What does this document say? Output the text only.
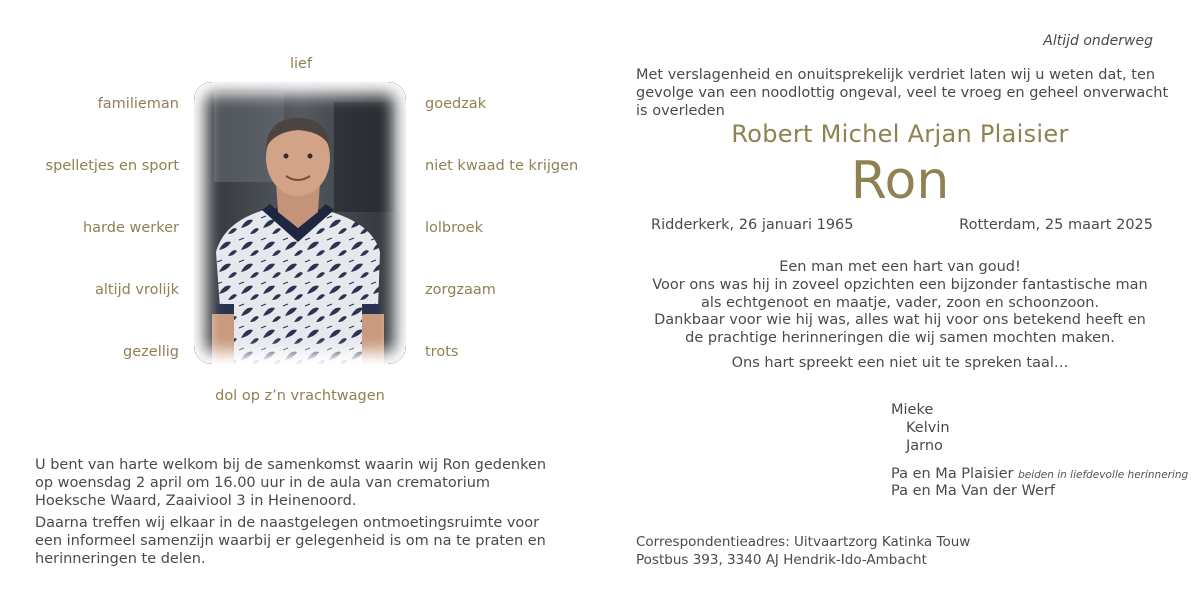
lief
familieman
spelletjes en sport
harde werker
altijd vrolijk
gezellig
goedzak
niet kwaad te krijgen
lolbroek
zorgzaam
trots
dol op z’n vrachtwagen
U bent van harte welkom bij de samenkomst waarin wij Ron gedenken op woensdag 2 april om 16.00 uur in de aula van crematorium Hoeksche Waard, Zaaiviool 3 in Heinenoord.
Daarna treffen wij elkaar in de naastgelegen ontmoetingsruimte voor een informeel samenzijn waarbij er gelegenheid is om na te praten en herinneringen te delen.
Altijd onderweg
Met verslagenheid en onuitsprekelijk verdriet laten wij u weten dat, ten gevolge van een noodlottig ongeval, veel te vroeg en geheel onverwacht is overleden
Robert Michel Arjan Plaisier
Ron
Ridderkerk, 26 januari 1965	Rotterdam, 25 maart 2025
Een man met een hart van goud!
Voor ons was hij in zoveel opzichten een bijzonder fantastische man
als echtgenoot en maatje, vader, zoon en schoonzoon.
Dankbaar voor wie hij was, alles wat hij voor ons betekend heeft en
de prachtige herinneringen die wij samen mochten maken.
Ons hart spreekt een niet uit te spreken taal…
Mieke
Kelvin
Jarno
Pa en Ma Plaisier beiden in liefdevolle herinnering
Pa en Ma Van der Werf
Correspondentieadres: Uitvaartzorg Katinka Touw
Postbus 393, 3340 AJ Hendrik-Ido-Ambacht
